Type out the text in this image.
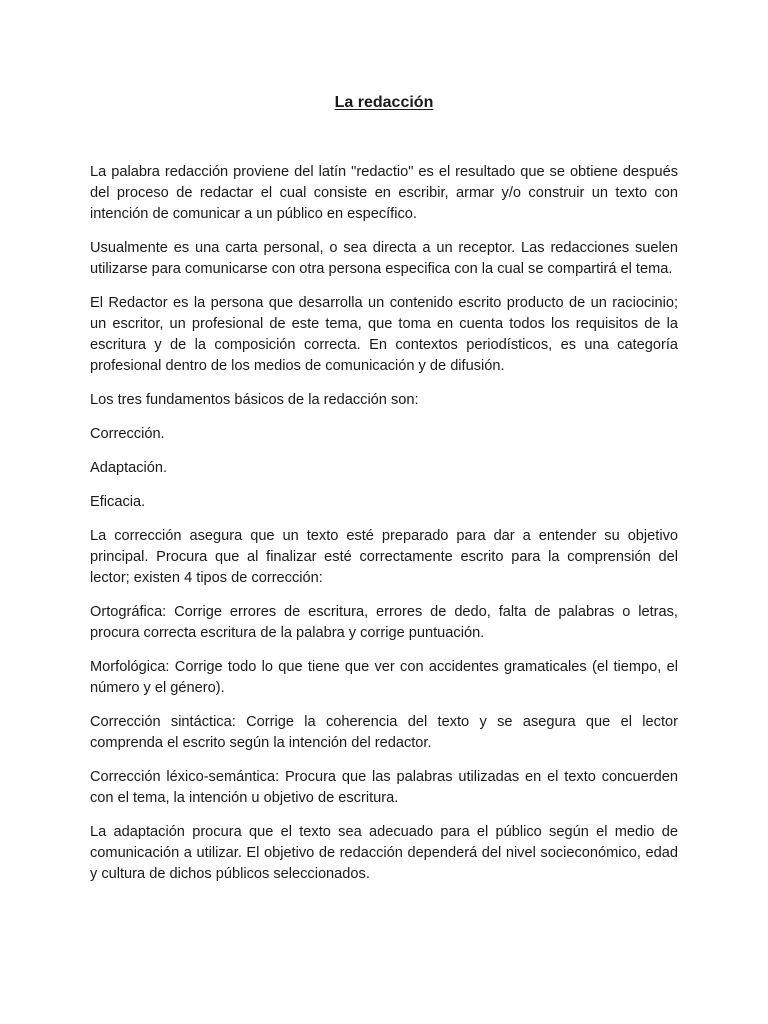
La redacción

La palabra redacción proviene del latín "redactio" es el resultado que se obtiene después del proceso de redactar el cual consiste en escribir, armar y/o construir un texto con intención de comunicar a un público en específico.

Usualmente es una carta personal, o sea directa a un receptor. Las redacciones suelen utilizarse para comunicarse con otra persona especifica con la cual se compartirá el tema.

El Redactor es la persona que desarrolla un contenido escrito producto de un raciocinio; un escritor, un profesional de este tema, que toma en cuenta todos los requisitos de la escritura y de la composición correcta. En contextos periodísticos, es una categoría profesional dentro de los medios de comunicación y de difusión.

Los tres fundamentos básicos de la redacción son:

Corrección.

Adaptación.

Eficacia.

La corrección asegura que un texto esté preparado para dar a entender su objetivo principal. Procura que al finalizar esté correctamente escrito para la comprensión del lector; existen 4 tipos de corrección:

Ortográfica: Corrige errores de escritura, errores de dedo, falta de palabras o letras, procura correcta escritura de la palabra y corrige puntuación.

Morfológica: Corrige todo lo que tiene que ver con accidentes gramaticales (el tiempo, el número y el género).

Corrección sintáctica: Corrige la coherencia del texto y se asegura que el lector comprenda el escrito según la intención del redactor.

Corrección léxico-semántica: Procura que las palabras utilizadas en el texto concuerden con el tema, la intención u objetivo de escritura.

La adaptación procura que el texto sea adecuado para el público según el medio de comunicación a utilizar. El objetivo de redacción dependerá del nivel socieconómico, edad y cultura de dichos públicos seleccionados.
